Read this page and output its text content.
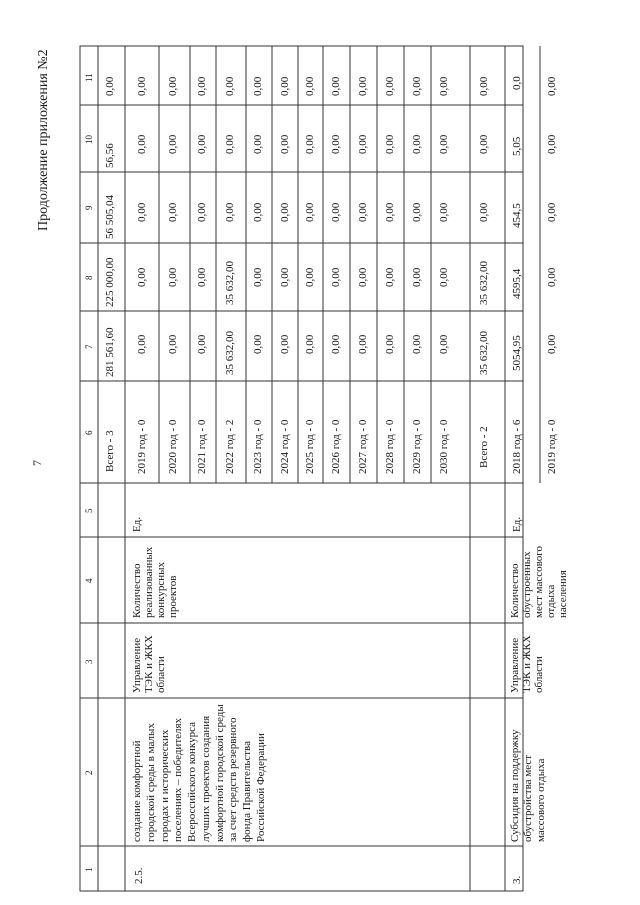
7
Продолжение приложения №2
1
2
3
4
5
6
7
8
9
10
11
Всего - 3
281 561,60
225 000,00
56 505,04
56,56
0,00
2.5.
создание комфортной городской среды в малых городах и исторических поселениях – победителях Всероссийского конкурса лучших проектов создания комфортной городской среды за счет средств резервного фонда Правительства Российской Федерации
Управление ТЭК и ЖКХ области
Количество реализованных конкурсных проектов
Ед.
2019 год - 0
0,00
0,00
0,00
0,00
0,00
2020 год - 0
0,00
0,00
0,00
0,00
0,00
2021 год - 0
0,00
0,00
0,00
0,00
0,00
2022 год - 2
35 632,00
35 632,00
0,00
0,00
0,00
2023 год - 0
0,00
0,00
0,00
0,00
0,00
2024 год - 0
0,00
0,00
0,00
0,00
0,00
2025 год - 0
0,00
0,00
0,00
0,00
0,00
2026 год - 0
0,00
0,00
0,00
0,00
0,00
2027 год - 0
0,00
0,00
0,00
0,00
0,00
2028 год - 0
0,00
0,00
0,00
0,00
0,00
2029 год - 0
0,00
0,00
0,00
0,00
0,00
2030 год - 0
0,00
0,00
0,00
0,00
0,00
Всего - 2
35 632,00
35 632,00
0,00
0,00
0,00
3.
Субсидия на поддержку обустройства мест массового отдыха
Управление ТЭК и ЖКХ области
Количество обустроенных мест массового отдыха населения
Ед.
2018 год - 6
5054,95
4595,4
454,5
5,05
0,0
2019 год - 0
0,00
0,00
0,00
0,00
0,00
